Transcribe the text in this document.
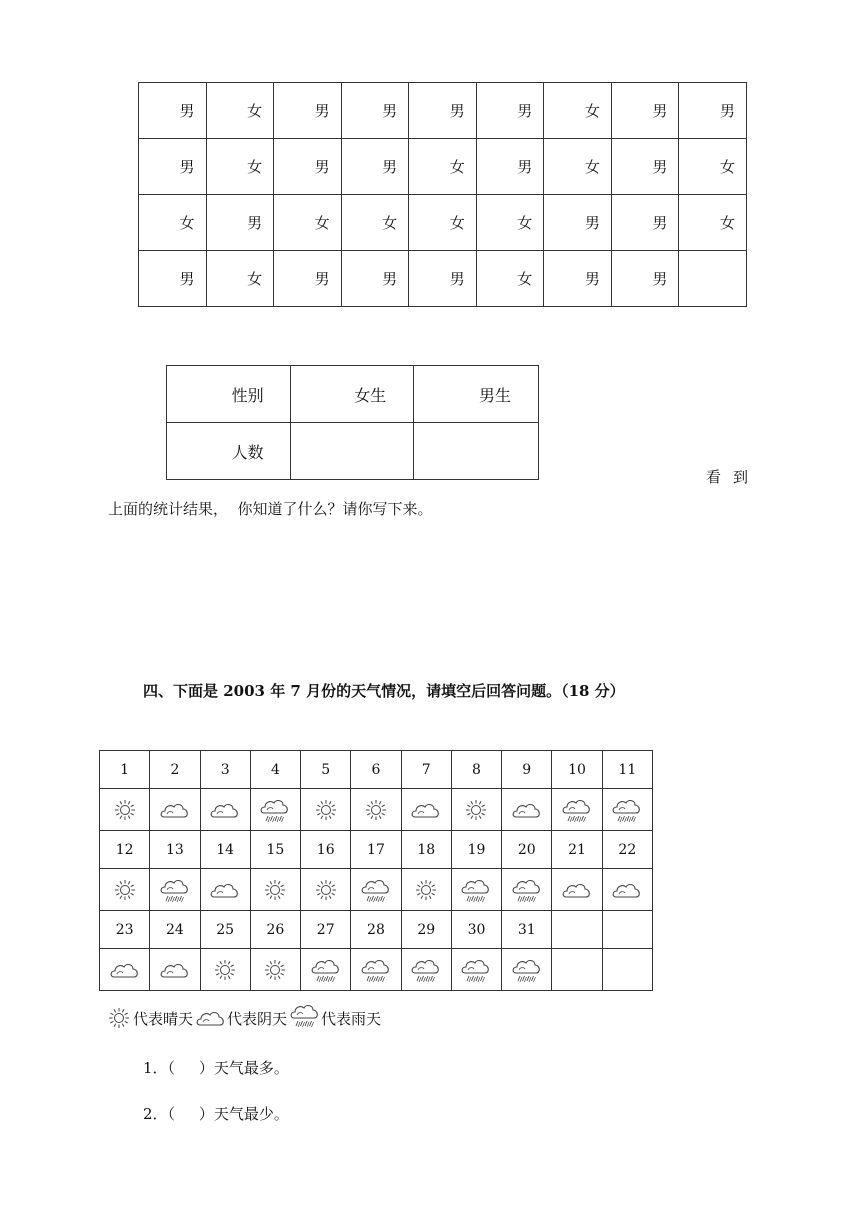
男	女	男	男	男	男	女	男	男
男	女	男	男	女	男	女	男	女
女	男	女	女	女	女	男	男	女
男	女	男	男	男	女	男	男	
性别	女生	男生
人数		
看到
上面的统计结果，  你知道了什么？请你写下来。
四、下面是 2003 年 7 月份的天气情况，请填空后回答问题。（18 分）
1	2	3	4	5	6	7	8	9	10	11

12	13	14	15	16	17	18	19	20	21	22

23	24	25	26	27	28	29	30	31		

代表晴天 代表阴天 代表雨天
1．（     ）天气最多。
2．（     ）天气最少。
